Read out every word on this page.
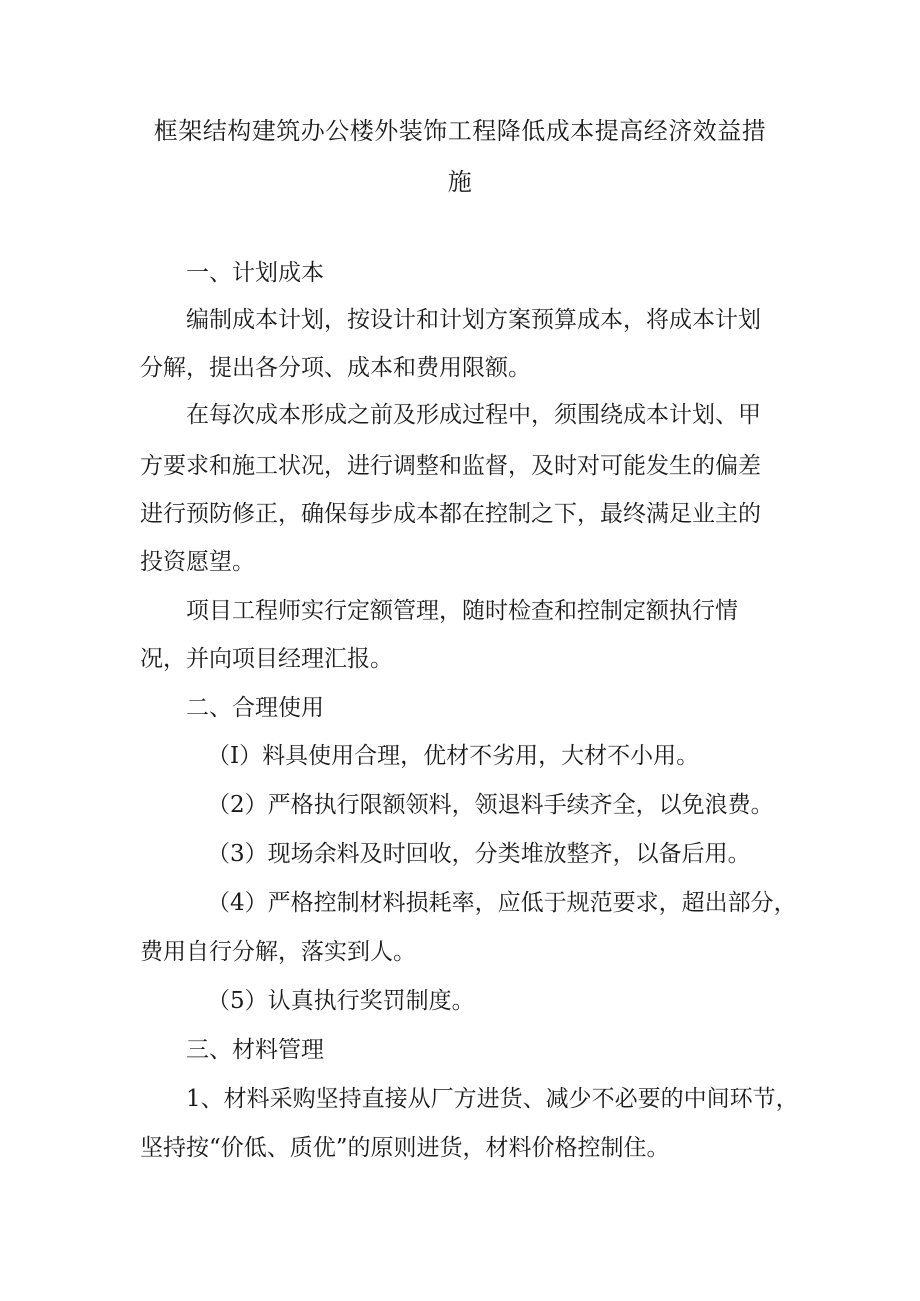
框架结构建筑办公楼外装饰工程降低成本提高经济效益措
施
一、计划成本
编制成本计划，按设计和计划方案预算成本，将成本计划
分解，提出各分项、成本和费用限额。
在每次成本形成之前及形成过程中，须围绕成本计划、甲
方要求和施工状况，进行调整和监督，及时对可能发生的偏差
进行预防修正，确保每步成本都在控制之下，最终满足业主的
投资愿望。
项目工程师实行定额管理，随时检查和控制定额执行情
况，并向项目经理汇报。
二、合理使用
（I）料具使用合理，优材不劣用，大材不小用。
（2）严格执行限额领料，领退料手续齐全，以免浪费。
（3）现场余料及时回收，分类堆放整齐，以备后用。
（4）严格控制材料损耗率，应低于规范要求，超出部分，
费用自行分解，落实到人。
（5）认真执行奖罚制度。
三、材料管理
1、材料采购坚持直接从厂方进货、减少不必要的中间环节，
坚持按“价低、质优”的原则进货，材料价格控制住。
